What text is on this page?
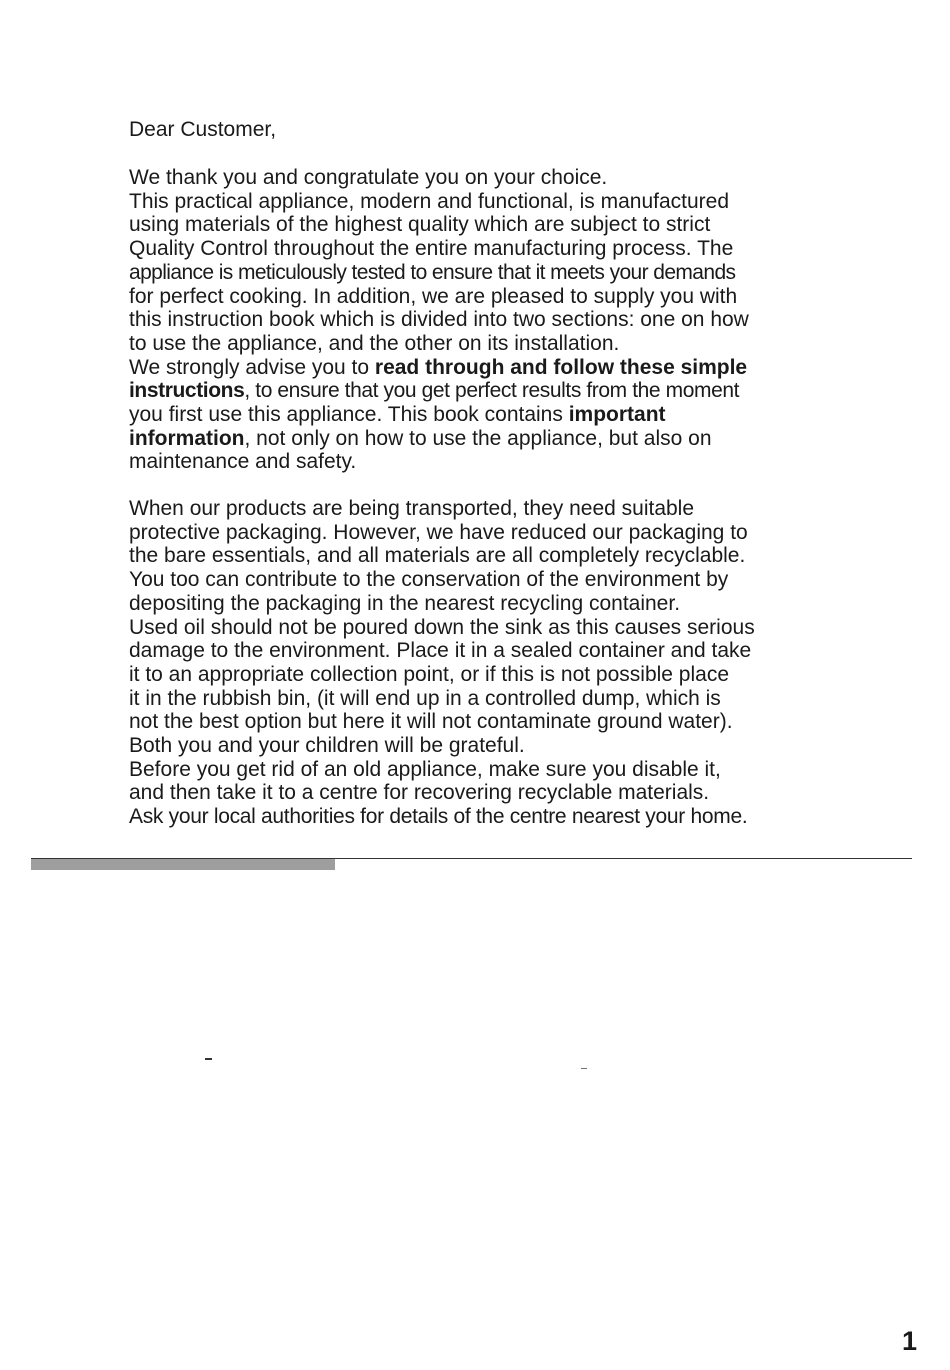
Dear Customer,

We thank you and congratulate you on your choice.
This practical appliance, modern and functional, is manufactured
using materials of the highest quality which are subject to strict
Quality Control throughout the entire manufacturing process. The
appliance is meticulously tested to ensure that it meets your demands
for perfect cooking. In addition, we are pleased to supply you with
this instruction book which is divided into two sections: one on how
to use the appliance, and the other on its installation.
We strongly advise you to read through and follow these simple
instructions, to ensure that you get perfect results from the moment
you first use this appliance. This book contains important
information, not only on how to use the appliance, but also on
maintenance and safety.

When our products are being transported, they need suitable
protective packaging. However, we have reduced our packaging to
the bare essentials, and all materials are all completely recyclable.
You too can contribute to the conservation of the environment by
depositing the packaging in the nearest recycling container.
Used oil should not be poured down the sink as this causes serious
damage to the environment. Place it in a sealed container and take
it to an appropriate collection point, or if this is not possible place
it in the rubbish bin, (it will end up in a controlled dump, which is
not the best option but here it will not contaminate ground water).
Both you and your children will be grateful.
Before you get rid of an old appliance, make sure you disable it,
and then take it to a centre for recovering recyclable materials.
Ask your local authorities for details of the centre nearest your home.

1
